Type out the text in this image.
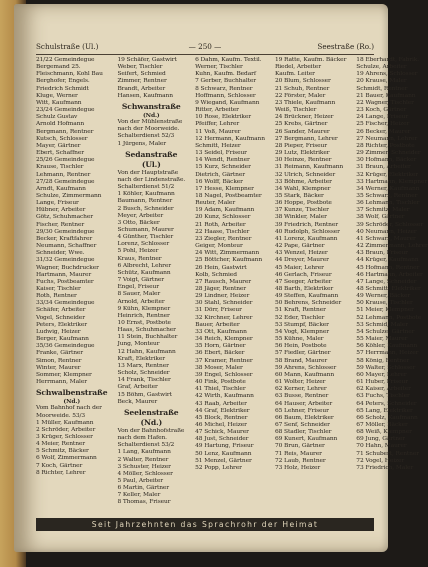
Schulstraße (Ul.)	— 250 —	Seestraße (Ro.)
21/22 Gemeindegue
Bergemand 25.
Fleischmann, Kohl Bau
Berghofer, Engels.
Friedrich Schmidt
Kluge, Werner
Witt, Kaufmann
23/24 Gemeindegue
Schulz Gustav
Arnold Hofmann
Bergmann, Rentner
Kutsch, Schlosser
Mayer, Gärtner
Ebert, Schaffner
25/26 Gemeindegue
Krause, Tischler
Lehmann, Rentner
27/28 Gemeindegue
Arndt, Kaufmann
Schulze, Zimmermann
Lange, Friseur
Hübner, Arbeiter
Götz, Schuhmacher
Fischer, Rentner
29/30 Gemeindegue
Becker, Kraftfahrer
Neumann, Schaffner
Schneider, Wwe.
31/32 Gemeindegue
Wagner, Buchdrucker
Hartmann, Maurer
Fuchs, Postbeamter
Kaiser, Tischler
Roth, Rentner
33/34 Gemeindegue
Schäfer, Arbeiter
Vogel, Schneider
Peters, Elektriker
Ludwig, Heizer
Berger, Kaufmann
35/36 Gemeindegue
Franke, Gärtner
Simon, Rentner
Winter, Maurer
Sommer, Klempner
Herrmann, Maler
Schwalbenstraße
(Nd.)
Vom Bahnhof nach der
Moorweide. 53/3
1 Müller, Kaufmann
2 Schröder, Arbeiter
3 Krüger, Schlosser
4 Meier, Rentner
5 Schmitz, Bäcker
6 Wolf, Zimmermann
7 Koch, Gärtner
8 Richter, Lehrer
19 Schäfer, Gastwirt
Weber, Tischler
Seifert, Schmied
Zimmer, Rentner
Brandt, Arbeiter
Hansen, Kaufmann
Schwanstraße
(Nd.)
Von der Mühlenstraße
nach der Moorweide.
Schalterdienst 52/3
1 Jürgens, Maler
Sedanstraße (Ul.)
Von der Hauptstraße
nach der Lindenstraße.
Schalterdienst 51/2
1 Köhler, Kaufmann
Baumann, Rentner
2 Busch, Schneider
Meyer, Arbeiter
3 Otto, Bäcker
Schumann, Maurer
4 Günther, Tischler
Lorenz, Schlosser
5 Pohl, Heizer
Kraus, Rentner
6 Albrecht, Lehrer
Schütz, Kaufmann
7 Voigt, Gärtner
Engel, Friseur
8 Sauer, Maler
Arnold, Arbeiter
9 Kühn, Klempner
Heinrich, Rentner
10 Ernst, Postbote
Haas, Schuhmacher
11 Stein, Buchhalter
Jung, Monteur
12 Hahn, Kaufmann
Kraft, Elektriker
13 Marx, Rentner
Scholz, Schneider
14 Frank, Tischler
Graf, Arbeiter
15 Böhm, Gastwirt
Beck, Maurer
Seelenstraße (Nd.)
Von der Bahnhofstraße
nach dem Hafen.
Schalterdienst 53/2
1 Lang, Kaufmann
2 Walter, Rentner
3 Schuster, Heizer
4 Möller, Schlosser
5 Paul, Arbeiter
6 Martin, Gärtner
7 Keller, Maler
8 Thomas, Friseur
6 Dahm, Kaufm. Textil.
Werner, Tischler
Kuhn, Kaufm. Bedarf
7 Gerber, Buchhalter
8 Schwarz, Rentner
Hoffmann, Schlosser
9 Wiegand, Kaufmann
Ritter, Arbeiter
10 Rose, Elektriker
Pfeiffer, Lehrer
11 Voß, Maurer
12 Hermann, Kaufmann
Schmitt, Heizer
13 Seidel, Friseur
14 Wendt, Rentner
15 Kurz, Schneider
Dietrich, Gärtner
16 Wolff, Bäcker
17 Hesse, Klempner
18 Nagel, Postbeamter
Reuter, Maler
19 Adam, Kaufmann
20 Kunz, Schlosser
21 Roth, Arbeiter
22 Haase, Tischler
23 Ziegler, Rentner
Geiger, Monteur
24 Witt, Zimmermann
25 Böttcher, Kaufmann
26 Hein, Gastwirt
Kolb, Schmied
27 Rausch, Maurer
28 Jäger, Rentner
29 Lindner, Heizer
30 Stahl, Schneider
31 Dörr, Friseur
32 Kirchner, Lehrer
Bauer, Arbeiter
33 Ott, Kaufmann
34 Reich, Klempner
35 Horn, Gärtner
36 Ebert, Bäcker
37 Kramer, Rentner
38 Moser, Maler
39 Engel, Schlosser
40 Fink, Postbote
41 Thiel, Tischler
42 Wirth, Kaufmann
43 Raab, Arbeiter
44 Graf, Elektriker
45 Block, Rentner
46 Michel, Heizer
47 Schick, Maurer
48 Just, Schneider
49 Hartung, Friseur
50 Lenz, Kaufmann
51 Menzel, Gärtner
52 Popp, Lehrer
19 Ratte, Kaufm. Bäcker
Riedel, Arbeiter
Kaufm. Leiter
20 Blum, Schlosser
21 Schuh, Rentner
22 Förster, Maler
23 Thiele, Kaufmann
Weiß, Tischler
24 Brückner, Heizer
25 Krebs, Gärtner
26 Sander, Maurer
27 Bergmann, Lehrer
28 Pieper, Friseur
29 Lutz, Elektriker
30 Heinze, Rentner
31 Reimann, Kaufmann
32 Ulrich, Schneider
33 Böhme, Arbeiter
34 Wahl, Klempner
35 Stark, Bäcker
36 Hoppe, Postbote
37 Kunze, Tischler
38 Winkler, Maler
39 Friedrich, Rentner
40 Rudolph, Schlosser
41 Lorenz, Kaufmann
42 Pape, Gärtner
43 Wenzel, Heizer
44 Dreyer, Maurer
45 Maier, Lehrer
46 Gerlach, Friseur
47 Seeger, Arbeiter
48 Barth, Elektriker
49 Steffen, Kaufmann
50 Behrens, Schneider
51 Kraft, Rentner
52 Eder, Tischler
53 Stumpf, Bäcker
54 Vogt, Klempner
55 Kühne, Maler
56 Hein, Postbote
57 Fiedler, Gärtner
58 Brand, Maurer
59 Ahrens, Schlosser
60 Mann, Kaufmann
61 Wolter, Heizer
62 Kerner, Lehrer
63 Busse, Rentner
64 Hauser, Arbeiter
65 Lehner, Friseur
66 Baum, Elektriker
67 Senf, Schneider
68 Stadler, Tischler
69 Kunert, Kaufmann
70 Brun, Gärtner
71 Reis, Maurer
72 Laub, Rentner
73 Holz, Heizer
18 Eberhardt, Fabrik.
Schulze, Arbeiter
19 Ahrens, Schlosser
20 Krause, Maler
Schmidt, Rentner
21 Bauer, Kaufmann
22 Wagner, Tischler
23 Koch, Gärtner
24 Lange, Friseur
25 Fischer, Heizer
26 Becker, Maurer
27 Neumann, Lehrer
28 Richter, Postbote
29 Zimmer, Schneider
30 Hofmann, Bäcker
31 Braun, Arbeiter
32 Krüger, Elektriker
33 Hartmann, Klempner
34 Werner, Kaufmann
35 Schwarz, Rentner
36 Lehmann, Tischler
37 Schmitz, Maler
38 Wolf, Gärtner
39 Schröder, Schlosser
40 Neumann, Heizer
41 Schwarz, Maurer
42 Zimmermann, Lehrer
43 Braun, Friseur
44 Krüger, Kaufmann
45 Hofmann, Rentner
46 Hartmann, Arbeiter
47 Lange, Schneider
48 Schmitt, Elektriker
49 Werner, Bäcker
50 Krause, Tischler
51 Meier, Klempner
52 Lehmann, Postbote
53 Schmid, Maler
54 Schulze, Gärtner
55 Maier, Maurer
56 Köhler, Kaufmann
57 Herrmann, Heizer
58 König, Rentner
59 Walter, Schlosser
60 Mayer, Lehrer
61 Huber, Friseur
62 Kaiser, Arbeiter
63 Fuchs, Tischler
64 Peters, Schneider
65 Lang, Elektriker
66 Scholz, Kaufmann
67 Möller, Bäcker
68 Weiß, Klempner
69 Jung, Gärtner
70 Hahn, Maurer
71 Schubert, Rentner
72 Vogel, Heizer
73 Friedrich, Maler
Seit Jahrzehnten das Sprachrohr der Heimat
